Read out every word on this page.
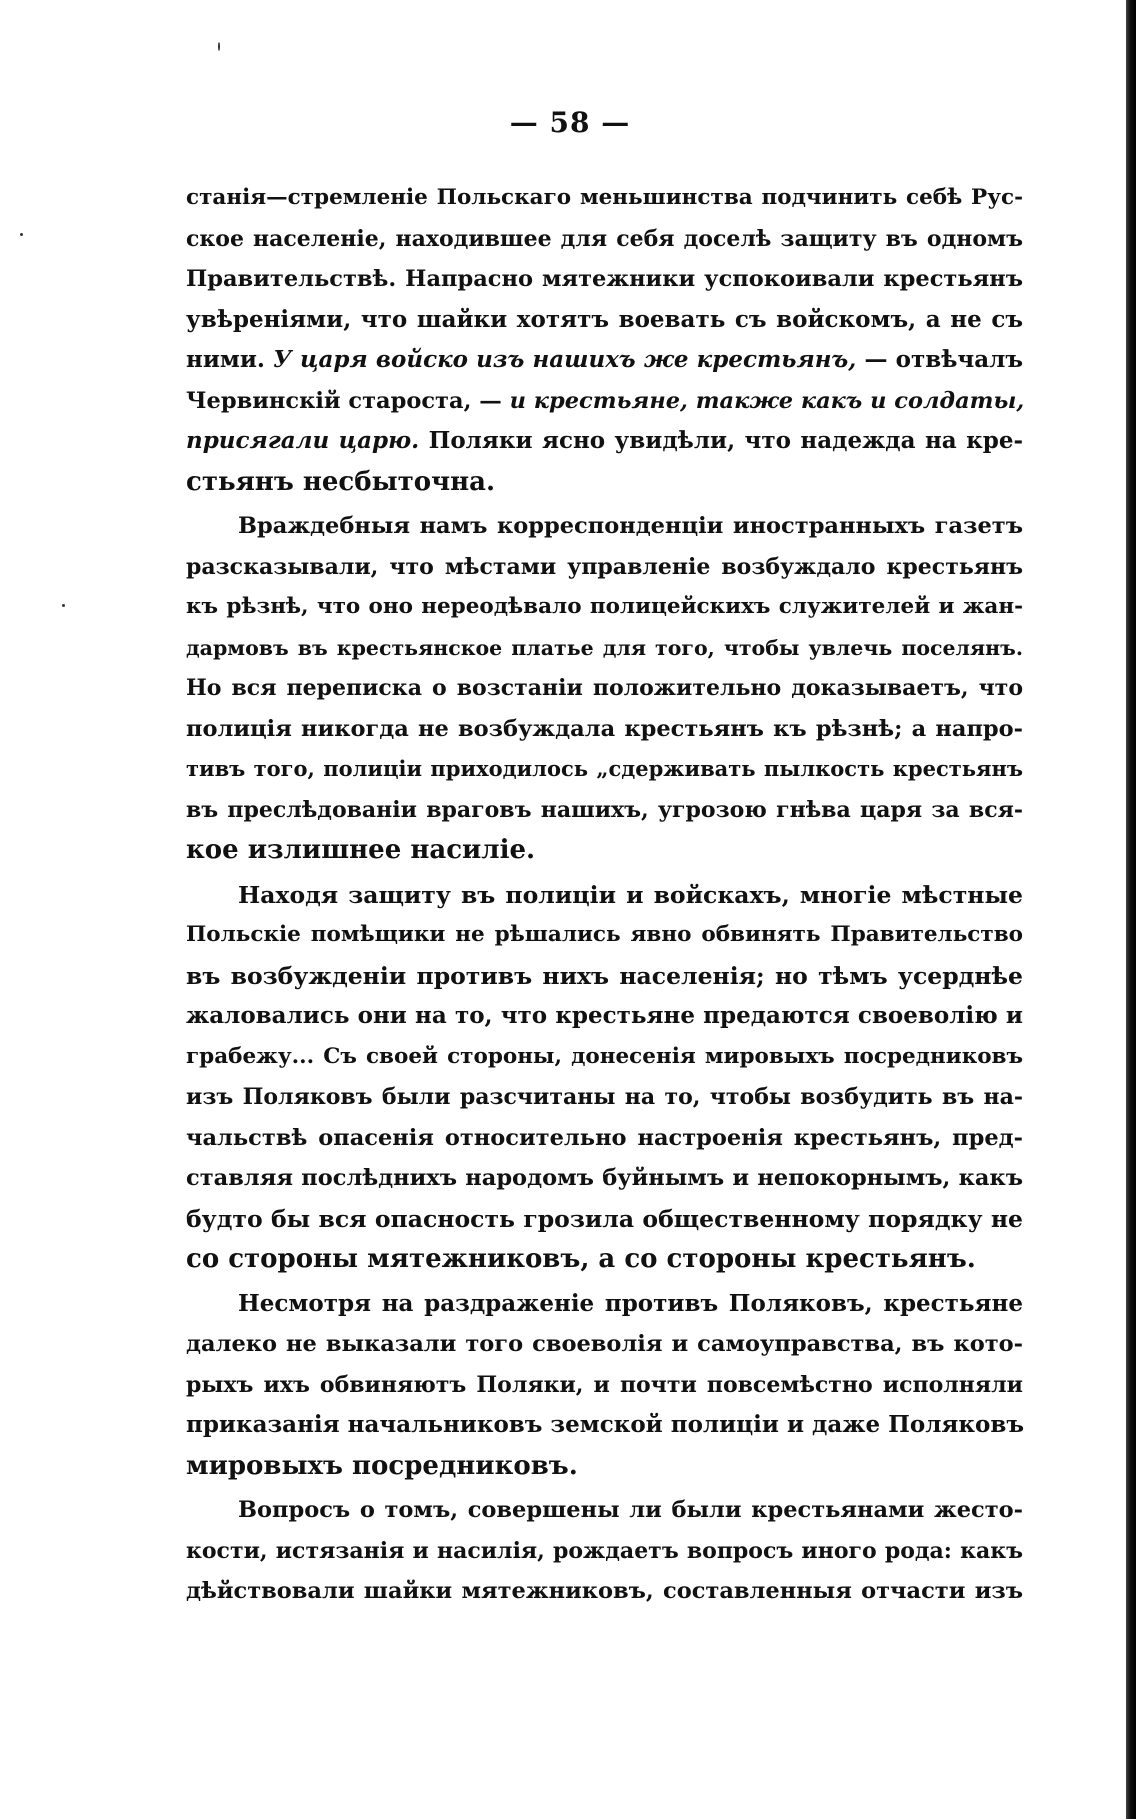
— 58 —

станія—стремленіе Польскаго меньшинства подчинить себѣ Рус-
ское населеніе, находившее для себя доселѣ защиту въ одномъ
Правительствѣ. Напрасно мятежники успокоивали крестьянъ
увѣреніями, что шайки хотятъ воевать съ войскомъ, а не съ
ними. У царя войско изъ нашихъ же крестьянъ, — отвѣчалъ
Червинскій староста, — и крестьяне, также какъ и солдаты,
присягали царю. Поляки ясно увидѣли, что надежда на кре-
стьянъ несбыточна.

Враждебныя намъ корреспонденціи иностранныхъ газетъ
разсказывали, что мѣстами управленіе возбуждало крестьянъ
къ рѣзнѣ, что оно нереодѣвало полицейскихъ служителей и жан-
дармовъ въ крестьянское платье для того, чтобы увлечь поселянъ.
Но вся переписка о возстаніи положительно доказываетъ, что
полиція никогда не возбуждала крестьянъ къ рѣзнѣ; а напро-
тивъ того, полиціи приходилось „сдерживать пылкость крестьянъ
въ преслѣдованіи враговъ нашихъ, угрозою гнѣва царя за вся-
кое излишнее насиліе.

Находя защиту въ полиціи и войскахъ, многіе мѣстные
Польскіе помѣщики не рѣшались явно обвинять Правительство
въ возбужденіи противъ нихъ населенія; но тѣмъ усерднѣе
жаловались они на то, что крестьяне предаются своеволію и
грабежу... Съ своей стороны, донесенія мировыхъ посредниковъ
изъ Поляковъ были разсчитаны на то, чтобы возбудить въ на-
чальствѣ опасенія относительно настроенія крестьянъ, пред-
ставляя послѣднихъ народомъ буйнымъ и непокорнымъ, какъ
будто бы вся опасность грозила общественному порядку не
со стороны мятежниковъ, а со стороны крестьянъ.

Несмотря на раздраженіе противъ Поляковъ, крестьяне
далеко не выказали того своеволія и самоуправства, въ кото-
рыхъ ихъ обвиняютъ Поляки, и почти повсемѣстно исполняли
приказанія начальниковъ земской полиціи и даже Поляковъ
мировыхъ посредниковъ.

Вопросъ о томъ, совершены ли были крестьянами жесто-
кости, истязанія и насилія, рождаетъ вопросъ иного рода: какъ
дѣйствовали шайки мятежниковъ, составленныя отчасти изъ
